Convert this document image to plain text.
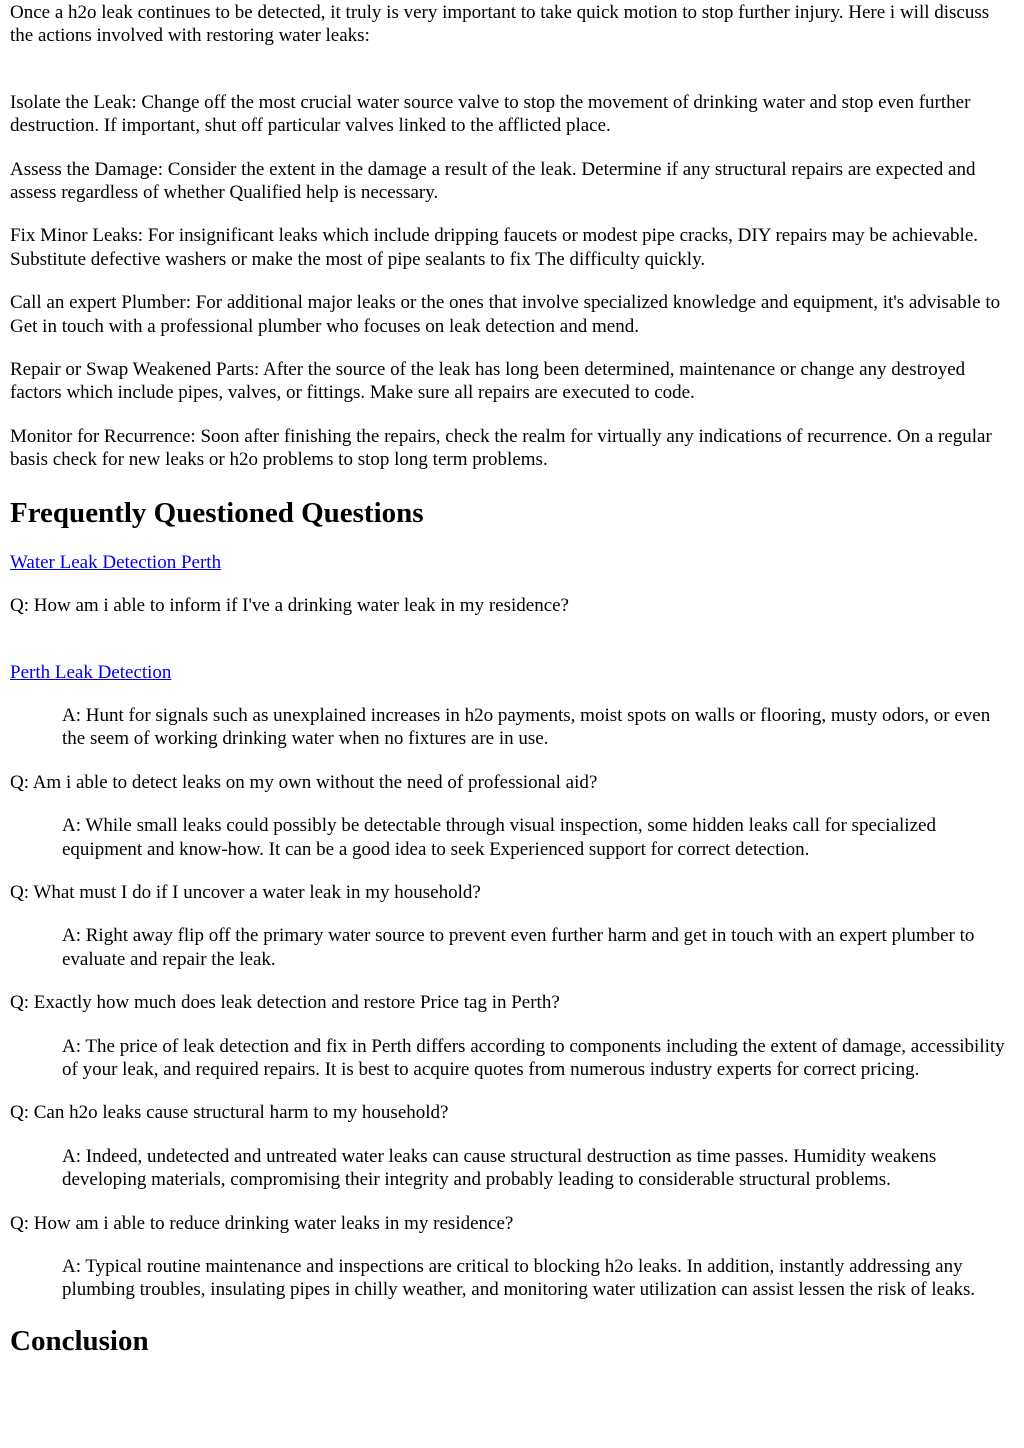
Once a h2o leak continues to be detected, it truly is very important to take quick motion to stop further injury. Here i will discuss the actions involved with restoring water leaks:

Isolate the Leak: Change off the most crucial water source valve to stop the movement of drinking water and stop even further destruction. If important, shut off particular valves linked to the afflicted place.

Assess the Damage: Consider the extent in the damage a result of the leak. Determine if any structural repairs are expected and assess regardless of whether Qualified help is necessary.

Fix Minor Leaks: For insignificant leaks which include dripping faucets or modest pipe cracks, DIY repairs may be achievable. Substitute defective washers or make the most of pipe sealants to fix The difficulty quickly.

Call an expert Plumber: For additional major leaks or the ones that involve specialized knowledge and equipment, it's advisable to Get in touch with a professional plumber who focuses on leak detection and mend.

Repair or Swap Weakened Parts: After the source of the leak has long been determined, maintenance or change any destroyed factors which include pipes, valves, or fittings. Make sure all repairs are executed to code.

Monitor for Recurrence: Soon after finishing the repairs, check the realm for virtually any indications of recurrence. On a regular basis check for new leaks or h2o problems to stop long term problems.

Frequently Questioned Questions

Water Leak Detection Perth

Q: How am i able to inform if I've a drinking water leak in my residence?

Perth Leak Detection

A: Hunt for signals such as unexplained increases in h2o payments, moist spots on walls or flooring, musty odors, or even the seem of working drinking water when no fixtures are in use.

Q: Am i able to detect leaks on my own without the need of professional aid?

A: While small leaks could possibly be detectable through visual inspection, some hidden leaks call for specialized equipment and know-how. It can be a good idea to seek Experienced support for correct detection.

Q: What must I do if I uncover a water leak in my household?

A: Right away flip off the primary water source to prevent even further harm and get in touch with an expert plumber to evaluate and repair the leak.

Q: Exactly how much does leak detection and restore Price tag in Perth?

A: The price of leak detection and fix in Perth differs according to components including the extent of damage, accessibility of your leak, and required repairs. It is best to acquire quotes from numerous industry experts for correct pricing.

Q: Can h2o leaks cause structural harm to my household?

A: Indeed, undetected and untreated water leaks can cause structural destruction as time passes. Humidity weakens developing materials, compromising their integrity and probably leading to considerable structural problems.

Q: How am i able to reduce drinking water leaks in my residence?

A: Typical routine maintenance and inspections are critical to blocking h2o leaks. In addition, instantly addressing any plumbing troubles, insulating pipes in chilly weather, and monitoring water utilization can assist lessen the risk of leaks.

Conclusion
